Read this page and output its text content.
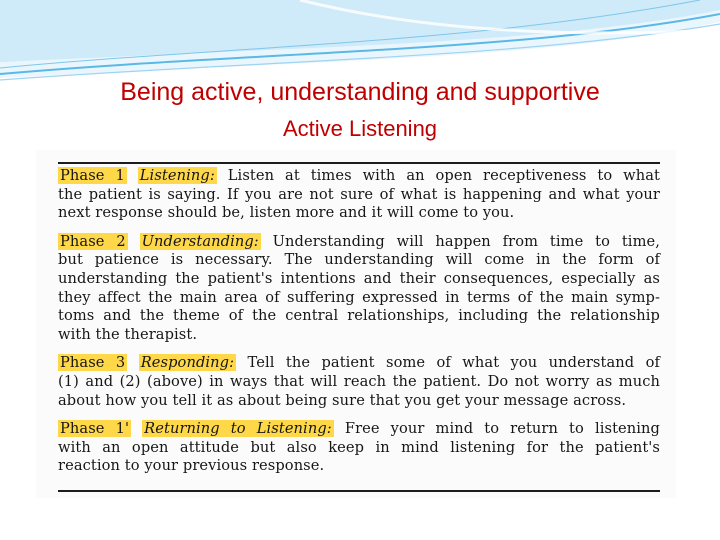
Being active, understanding and supportive
Active Listening
Phase 1 Listening: Listen at times with an open receptiveness to what
the patient is saying. If you are not sure of what is happening and what your
next response should be, listen more and it will come to you.
Phase 2 Understanding: Understanding will happen from time to time,
but patience is necessary. The understanding will come in the form of
understanding the patient's intentions and their consequences, especially as
they affect the main area of suffering expressed in terms of the main symp-
toms and the theme of the central relationships, including the relationship
with the therapist.
Phase 3 Responding: Tell the patient some of what you understand of
(1) and (2) (above) in ways that will reach the patient. Do not worry as much
about how you tell it as about being sure that you get your message across.
Phase 1' Returning to Listening: Free your mind to return to listening
with an open attitude but also keep in mind listening for the patient's
reaction to your previous response.
